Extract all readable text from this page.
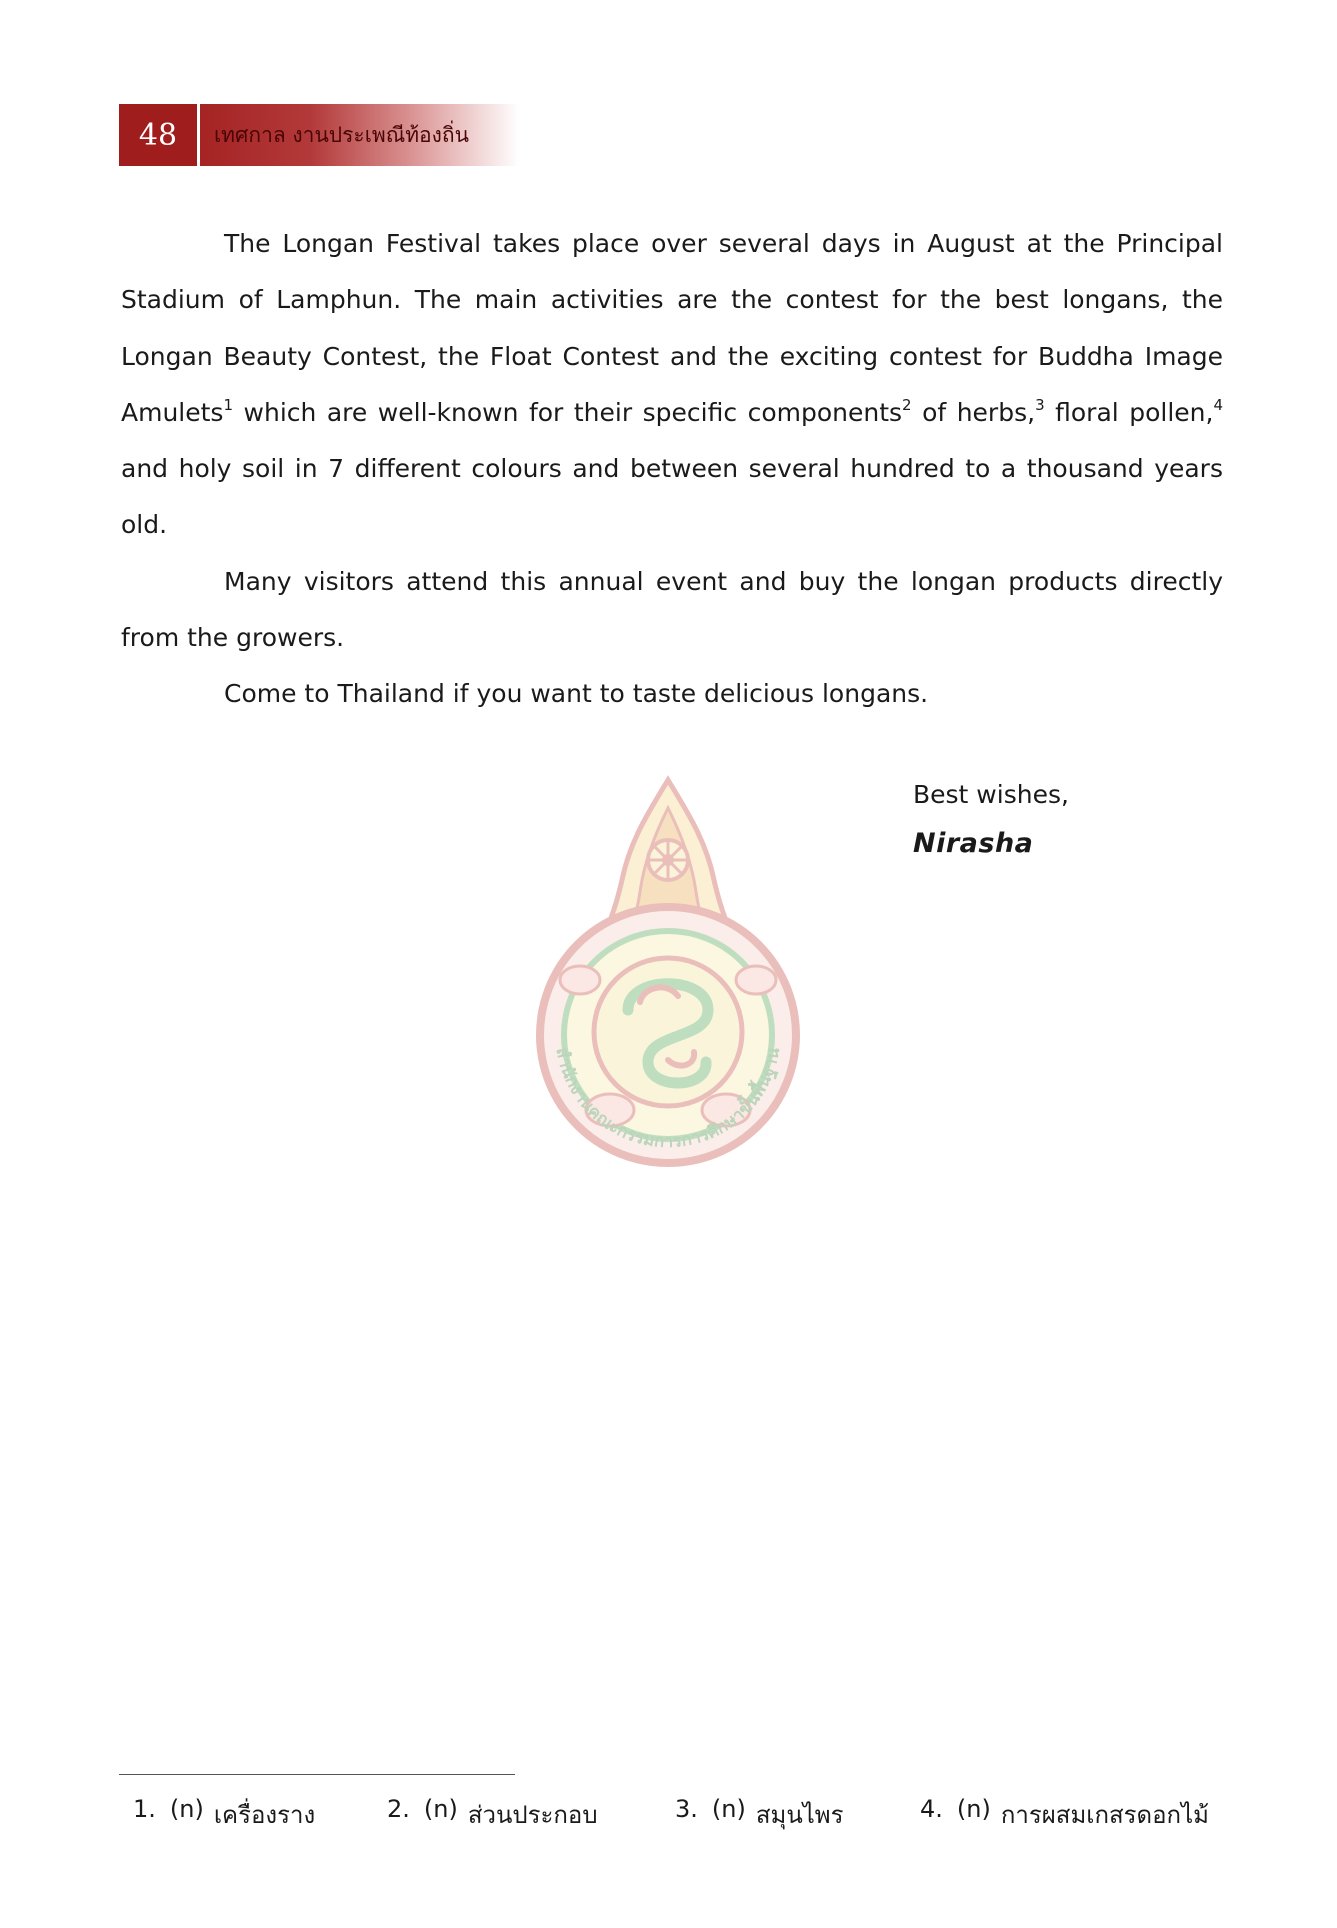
48	เทศกาล งานประเพณีท้องถิ่น

The Longan Festival takes place over several days in August at the Principal Stadium of Lamphun. The main activities are the contest for the best longans, the Longan Beauty Contest, the Float Contest and the exciting contest for Buddha Image Amulets$^1$ which are well-known for their specific components$^2$ of herbs,$^3$ floral pollen,$^4$ and holy soil in 7 different colours and between several hundred to a thousand years old.

Many visitors attend this annual event and buy the longan products directly from the growers.

Come to Thailand if you want to taste delicious longans.

สำนักงานคณะกรรมการการศึกษาขั้นพื้นฐาน
Best wishes,
Nirasha
1. (n) เครื่องราง	2. (n) ส่วนประกอบ	3. (n) สมุนไพร	4. (n) การผสมเกสรดอกไม้
